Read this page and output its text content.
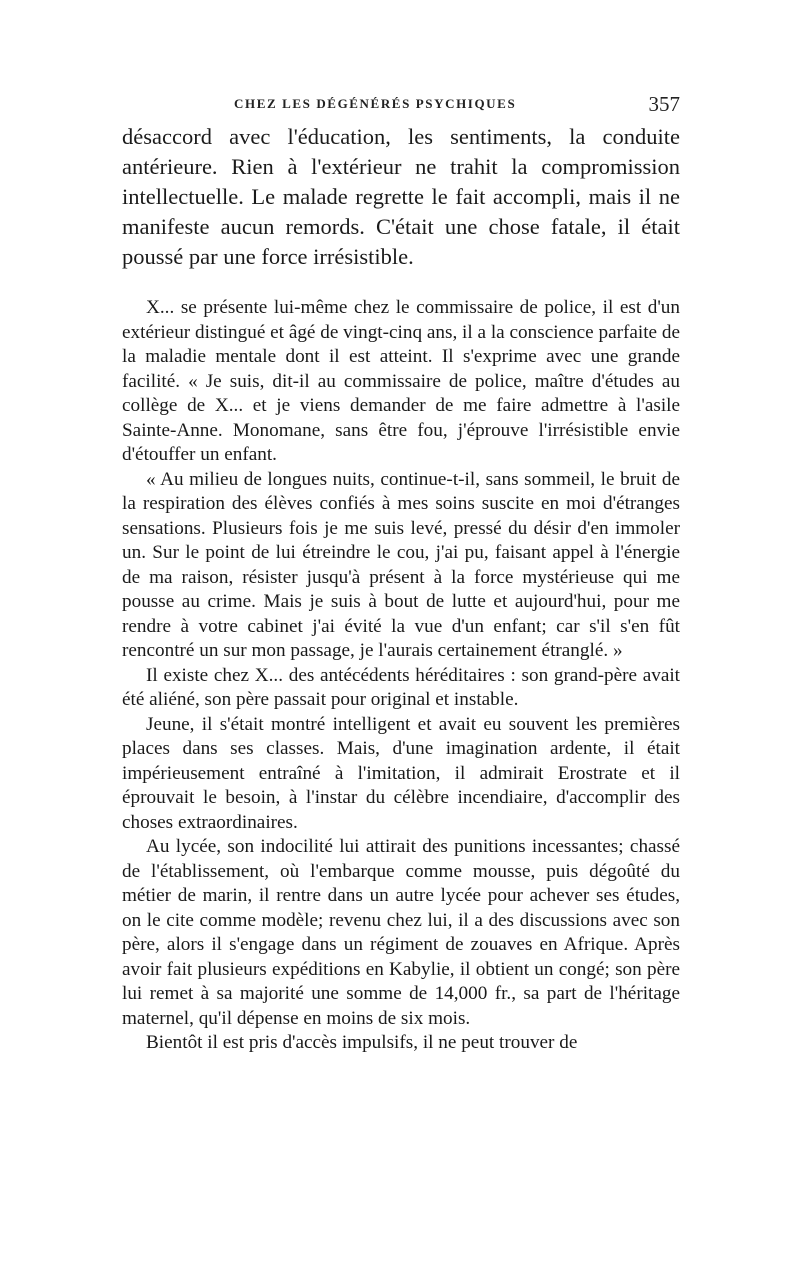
CHEZ LES DÉGÉNÉRÉS PSYCHIQUES	357

désaccord avec l'éducation, les sentiments, la conduite antérieure. Rien à l'extérieur ne trahit la compromission intellectuelle. Le malade regrette le fait accompli, mais il ne manifeste aucun remords. C'était une chose fatale, il était poussé par une force irrésistible.

X... se présente lui-même chez le commissaire de police, il est d'un extérieur distingué et âgé de vingt-cinq ans, il a la conscience parfaite de la maladie mentale dont il est atteint. Il s'exprime avec une grande facilité. « Je suis, dit-il au commissaire de police, maître d'études au collège de X... et je viens demander de me faire admettre à l'asile Sainte-Anne. Monomane, sans être fou, j'éprouve l'irrésistible envie d'étouffer un enfant.

« Au milieu de longues nuits, continue-t-il, sans sommeil, le bruit de la respiration des élèves confiés à mes soins suscite en moi d'étranges sensations. Plusieurs fois je me suis levé, pressé du désir d'en immoler un. Sur le point de lui étreindre le cou, j'ai pu, faisant appel à l'énergie de ma raison, résister jusqu'à présent à la force mystérieuse qui me pousse au crime. Mais je suis à bout de lutte et aujourd'hui, pour me rendre à votre cabinet j'ai évité la vue d'un enfant; car s'il s'en fût rencontré un sur mon passage, je l'aurais certainement étranglé. »

Il existe chez X... des antécédents héréditaires : son grand-père avait été aliéné, son père passait pour original et instable.

Jeune, il s'était montré intelligent et avait eu souvent les premières places dans ses classes. Mais, d'une imagination ardente, il était impérieusement entraîné à l'imitation, il admirait Erostrate et il éprouvait le besoin, à l'instar du célèbre incendiaire, d'accomplir des choses extraordinaires.

Au lycée, son indocilité lui attirait des punitions incessantes; chassé de l'établissement, où l'embarque comme mousse, puis dégoûté du métier de marin, il rentre dans un autre lycée pour achever ses études, on le cite comme modèle; revenu chez lui, il a des discussions avec son père, alors il s'engage dans un régiment de zouaves en Afrique. Après avoir fait plusieurs expéditions en Kabylie, il obtient un congé; son père lui remet à sa majorité une somme de 14,000 fr., sa part de l'héritage maternel, qu'il dépense en moins de six mois.

Bientôt il est pris d'accès impulsifs, il ne peut trouver de
